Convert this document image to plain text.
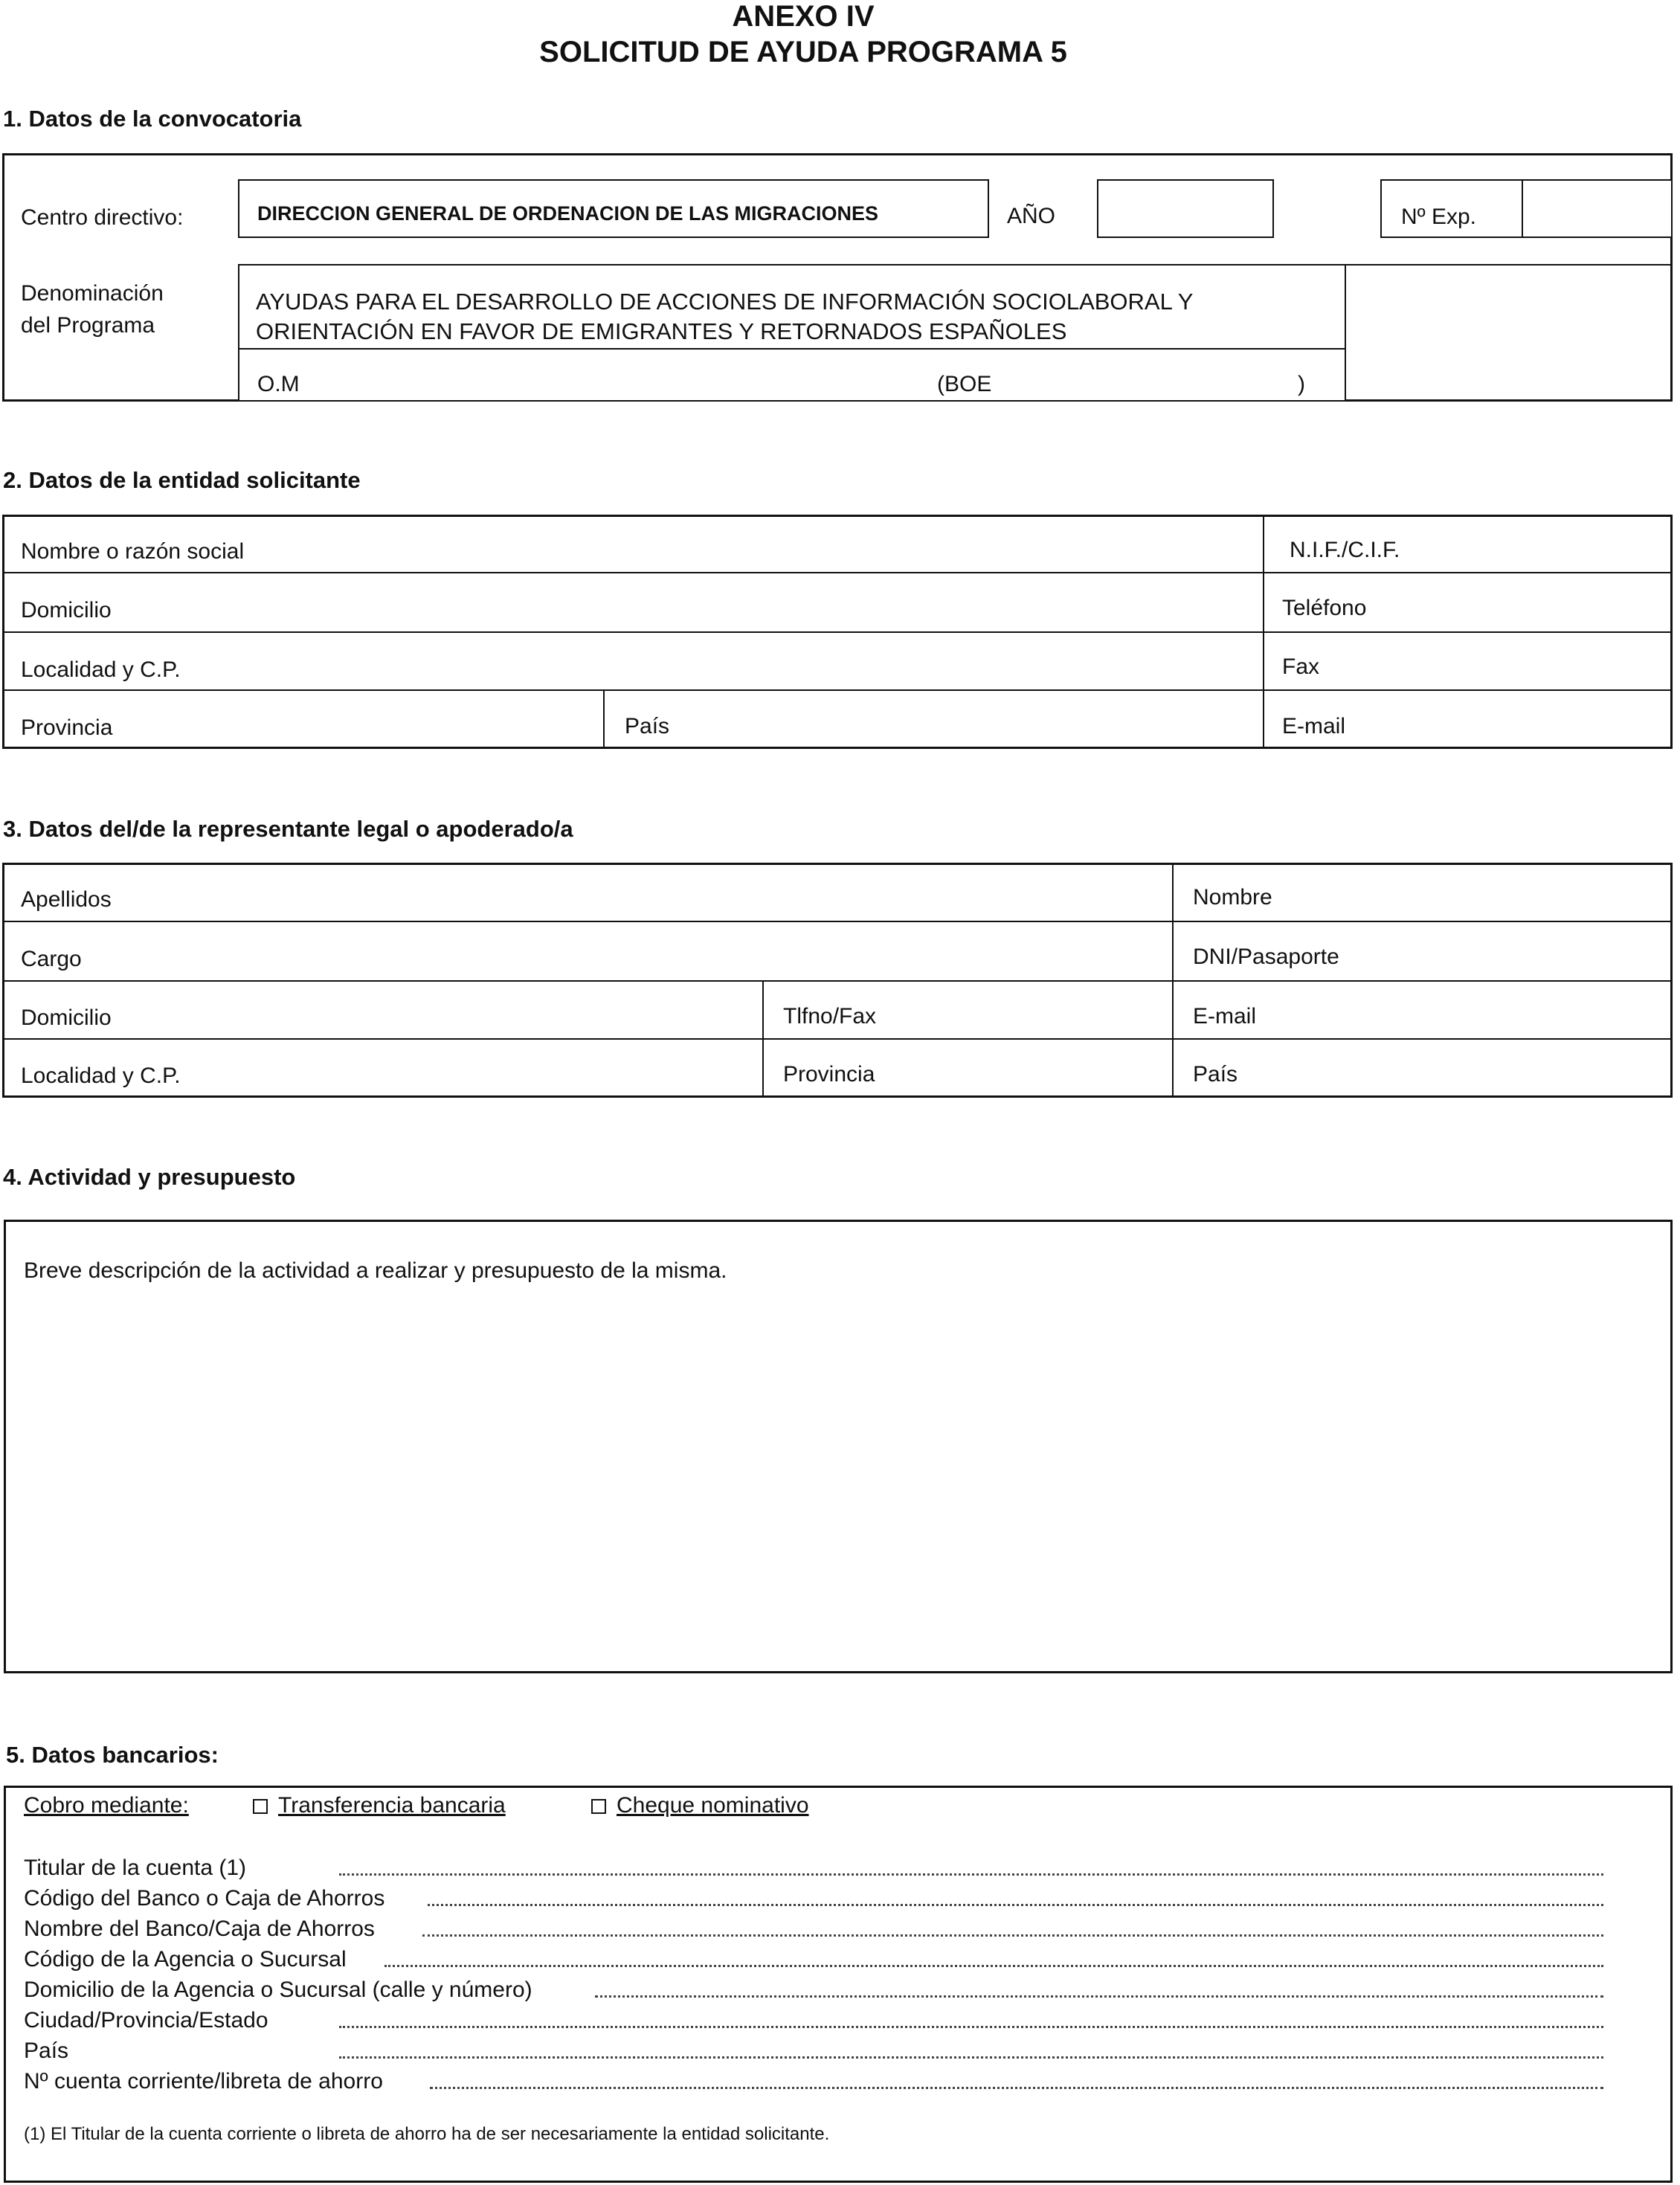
ANEXO IV
SOLICITUD DE AYUDA PROGRAMA 5
1. Datos de la convocatoria
Centro directivo:	DIRECCION GENERAL DE ORDENACION DE LAS MIGRACIONES	AÑO	Nº Exp.
Denominación
del Programa
AYUDAS PARA EL DESARROLLO DE ACCIONES DE INFORMACIÓN SOCIOLABORAL Y
ORIENTACIÓN EN FAVOR DE EMIGRANTES Y RETORNADOS ESPAÑOLES
O.M	(BOE	)
2. Datos de la entidad solicitante
Nombre o razón social	N.I.F./C.I.F.
Domicilio	Teléfono
Localidad y C.P.	Fax
Provincia	País	E-mail
3. Datos del/de la representante legal o apoderado/a
Apellidos	Nombre
Cargo	DNI/Pasaporte
Domicilio	Tlfno/Fax	E-mail
Localidad y C.P.	Provincia	País
4. Actividad y presupuesto
Breve descripción de la actividad a realizar y presupuesto de la misma.
5. Datos bancarios:
Cobro mediante:	Transferencia bancaria	Cheque nominativo
Titular de la cuenta (1)
Código del Banco o Caja de Ahorros
Nombre del Banco/Caja de Ahorros
Código de la Agencia o Sucursal
Domicilio de la Agencia o Sucursal (calle y número)
Ciudad/Provincia/Estado
País
Nº cuenta corriente/libreta de ahorro
(1) El Titular de la cuenta corriente o libreta de ahorro ha de ser necesariamente la entidad solicitante.
